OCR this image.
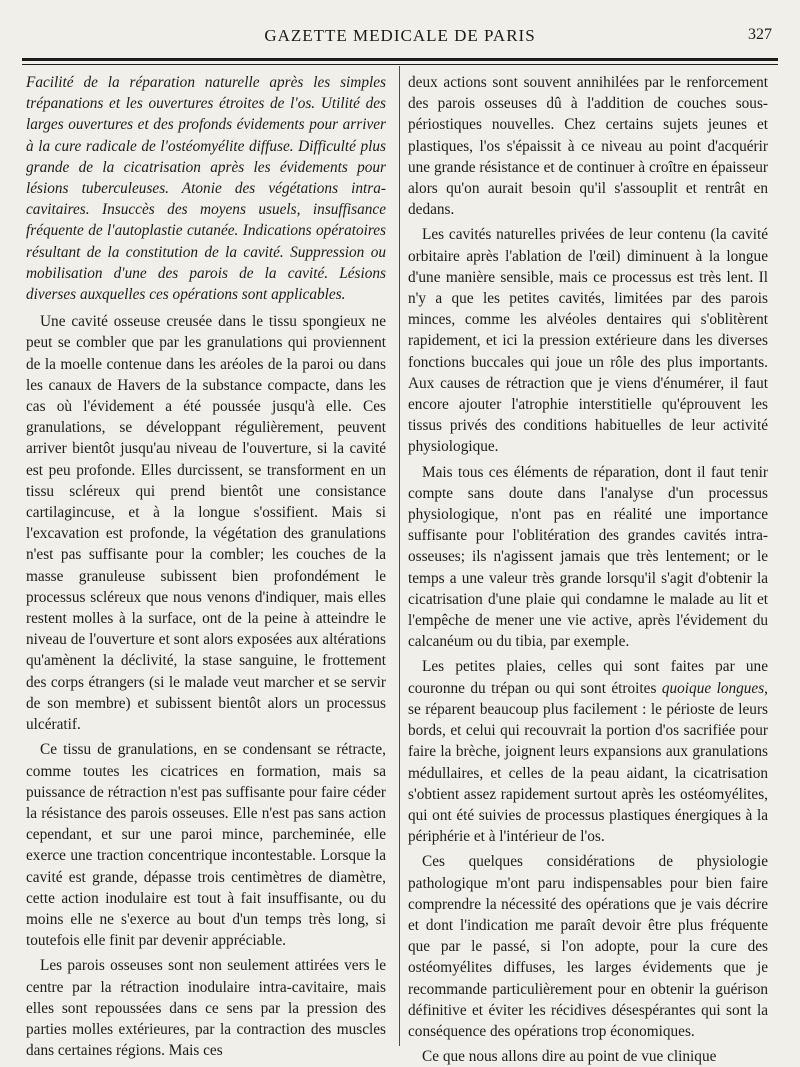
GAZETTE MEDICALE DE PARIS	327

Facilité de la réparation naturelle après les simples trépanations et les ouvertures étroites de l'os. Utilité des larges ouvertures et des profonds évidements pour arriver à la cure radicale de l'ostéomyélite diffuse. Difficulté plus grande de la cicatrisation après les évidements pour lésions tuberculeuses. Atonie des végétations intra-cavitaires. Insuccès des moyens usuels, insuffisance fréquente de l'autoplastie cutanée. Indications opératoires résultant de la constitution de la cavité. Suppression ou mobilisation d'une des parois de la cavité. Lésions diverses auxquelles ces opérations sont applicables.

Une cavité osseuse creusée dans le tissu spongieux ne peut se combler que par les granulations qui proviennent de la moelle contenue dans les aréoles de la paroi ou dans les canaux de Havers de la substance compacte, dans les cas où l'évidement a été poussée jusqu'à elle. Ces granulations, se développant régulièrement, peuvent arriver bientôt jusqu'au niveau de l'ouverture, si la cavité est peu profonde. Elles durcissent, se transforment en un tissu scléreux qui prend bientôt une consistance cartilagincuse, et à la longue s'ossifient. Mais si l'excavation est profonde, la végétation des granulations n'est pas suffisante pour la combler; les couches de la masse granuleuse subissent bien profondément le processus scléreux que nous venons d'indiquer, mais elles restent molles à la surface, ont de la peine à atteindre le niveau de l'ouverture et sont alors exposées aux altérations qu'amènent la déclivité, la stase sanguine, le frottement des corps étrangers (si le malade veut marcher et se servir de son membre) et subissent bientôt alors un processus ulcératif.

Ce tissu de granulations, en se condensant se rétracte, comme toutes les cicatrices en formation, mais sa puissance de rétraction n'est pas suffisante pour faire céder la résistance des parois osseuses. Elle n'est pas sans action cependant, et sur une paroi mince, parcheminée, elle exerce une traction concentrique incontestable. Lorsque la cavité est grande, dépasse trois centimètres de diamètre, cette action inodulaire est tout à fait insuffisante, ou du moins elle ne s'exerce au bout d'un temps très long, si toutefois elle finit par devenir appréciable.

Les parois osseuses sont non seulement attirées vers le centre par la rétraction inodulaire intra-cavitaire, mais elles sont repoussées dans ce sens par la pression des parties molles extérieures, par la contraction des muscles dans certaines régions. Mais ces

deux actions sont souvent annihilées par le renforcement des parois osseuses dû à l'addition de couches sous-périostiques nouvelles. Chez certains sujets jeunes et plastiques, l'os s'épaissit à ce niveau au point d'acquérir une grande résistance et de continuer à croître en épaisseur alors qu'on aurait besoin qu'il s'assouplit et rentrât en dedans.

Les cavités naturelles privées de leur contenu (la cavité orbitaire après l'ablation de l'œil) diminuent à la longue d'une manière sensible, mais ce processus est très lent. Il n'y a que les petites cavités, limitées par des parois minces, comme les alvéoles dentaires qui s'oblitèrent rapidement, et ici la pression extérieure dans les diverses fonctions buccales qui joue un rôle des plus importants. Aux causes de rétraction que je viens d'énumérer, il faut encore ajouter l'atrophie interstitielle qu'éprouvent les tissus privés des conditions habituelles de leur activité physiologique.

Mais tous ces éléments de réparation, dont il faut tenir compte sans doute dans l'analyse d'un processus physiologique, n'ont pas en réalité une importance suffisante pour l'oblitération des grandes cavités intra-osseuses; ils n'agissent jamais que très lentement; or le temps a une valeur très grande lorsqu'il s'agit d'obtenir la cicatrisation d'une plaie qui condamne le malade au lit et l'empêche de mener une vie active, après l'évidement du calcanéum ou du tibia, par exemple.

Les petites plaies, celles qui sont faites par une couronne du trépan ou qui sont étroites quoique longues, se réparent beaucoup plus facilement : le périoste de leurs bords, et celui qui recouvrait la portion d'os sacrifiée pour faire la brèche, joignent leurs expansions aux granulations médullaires, et celles de la peau aidant, la cicatrisation s'obtient assez rapidement surtout après les ostéomyélites, qui ont été suivies de processus plastiques énergiques à la périphérie et à l'intérieur de l'os.

Ces quelques considérations de physiologie pathologique m'ont paru indispensables pour bien faire comprendre la nécessité des opérations que je vais décrire et dont l'indication me paraît devoir être plus fréquente que par le passé, si l'on adopte, pour la cure des ostéomyélites diffuses, les larges évidements que je recommande particulièrement pour en obtenir la guérison définitive et éviter les récidives désespérantes qui sont la conséquence des opérations trop économiques.

Ce que nous allons dire au point de vue clinique
